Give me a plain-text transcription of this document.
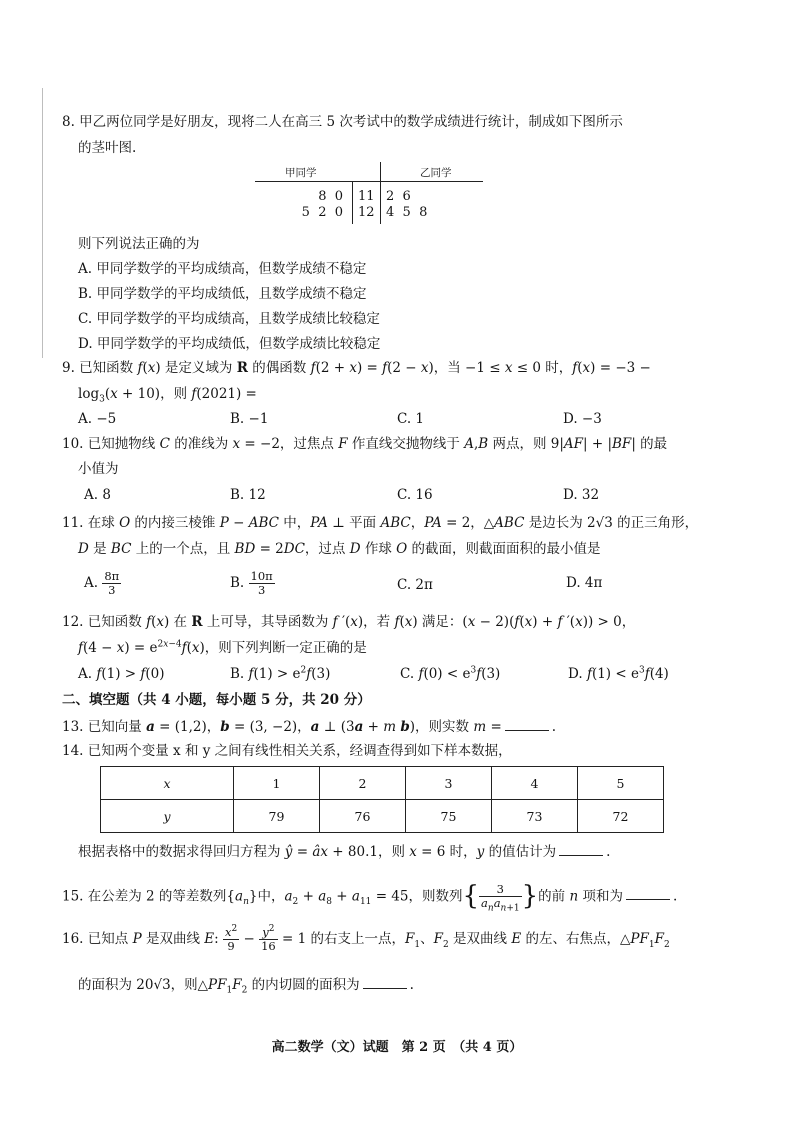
8. 甲乙两位同学是好朋友，现将二人在高三 5 次考试中的数学成绩进行统计，制成如下图所示
的茎叶图.
甲同学	乙同学
8  0 11 2  6
5  2  0 12 4  5  8
则下列说法正确的为
A. 甲同学数学的平均成绩高，但数学成绩不稳定
B. 甲同学数学的平均成绩低，且数学成绩不稳定
C. 甲同学数学的平均成绩高，且数学成绩比较稳定
D. 甲同学数学的平均成绩低，但数学成绩比较稳定
9. 已知函数 f(x) 是定义域为 R 的偶函数 f(2 + x) = f(2 − x)，当 −1 ≤ x ≤ 0 时，f(x) = −3 −
$\log_3(x + 10)$，则 f(2021) =
A. −5	B. −1	C. 1	D. −3
10. 已知抛物线 C 的准线为 x = −2，过焦点 F 作直线交抛物线于 A,B 两点，则 9|AF| + |BF| 的最
小值为
A. 8	B. 12	C. 16	D. 32
11. 在球 O 的内接三棱锥 P − ABC 中，PA ⊥ 平面 ABC，PA = 2，△ABC 是边长为 2√3 的正三角形，
D 是 BC 上的一个点，且 BD = 2DC，过点 D 作球 O 的截面，则截面面积的最小值是
A. $\frac{8\pi}{3}$	B. $\frac{10\pi}{3}$	C. 2π	D. 4π
12. 已知函数 f(x) 在 R 上可导，其导函数为 f ′(x)，若 f(x) 满足：(x − 2)(f(x) + f ′(x)) > 0，
$f(4 - x) = e^{2x-4}f(x)$，则下列判断一定正确的是
A. f(1) > f(0)	B. $f(1) > e^2f(3)$	C. $f(0) < e^3f(3)$	D. $f(1) < e^3f(4)$
二、填空题（共 4 小题，每小题 5 分，共 20 分）
13. 已知向量 a = (1,2)，b = (3, −2)，a ⊥ (3a + m b)，则实数 m =	.
14. 已知两个变量 x 和 y 之间有线性相关关系，经调查得到如下样本数据，
x	1	2	3	4	5
y	79	76	75	73	72
根据表格中的数据求得回归方程为 ŷ = âx + 80.1，则 x = 6 时，y 的值估计为	.
15. 在公差为 2 的等差数列$\{a_n\}$中，$a_2 + a_8 + a_{11} = 45$，则数列{ $\frac{3}{a_na_{n+1}}$ }的前 n 项和为	.
16. 已知点 P 是双曲线 E: $\frac{x^2}{9} - \frac{y^2}{16} = 1$ 的右支上一点，$F_1$、$F_2$ 是双曲线 E 的左、右焦点，$\triangle PF_1F_2$
的面积为 20√3，则$\triangle PF_1F_2$ 的内切圆的面积为	.
高二数学（文）试题　第 2 页　（共 4 页）
